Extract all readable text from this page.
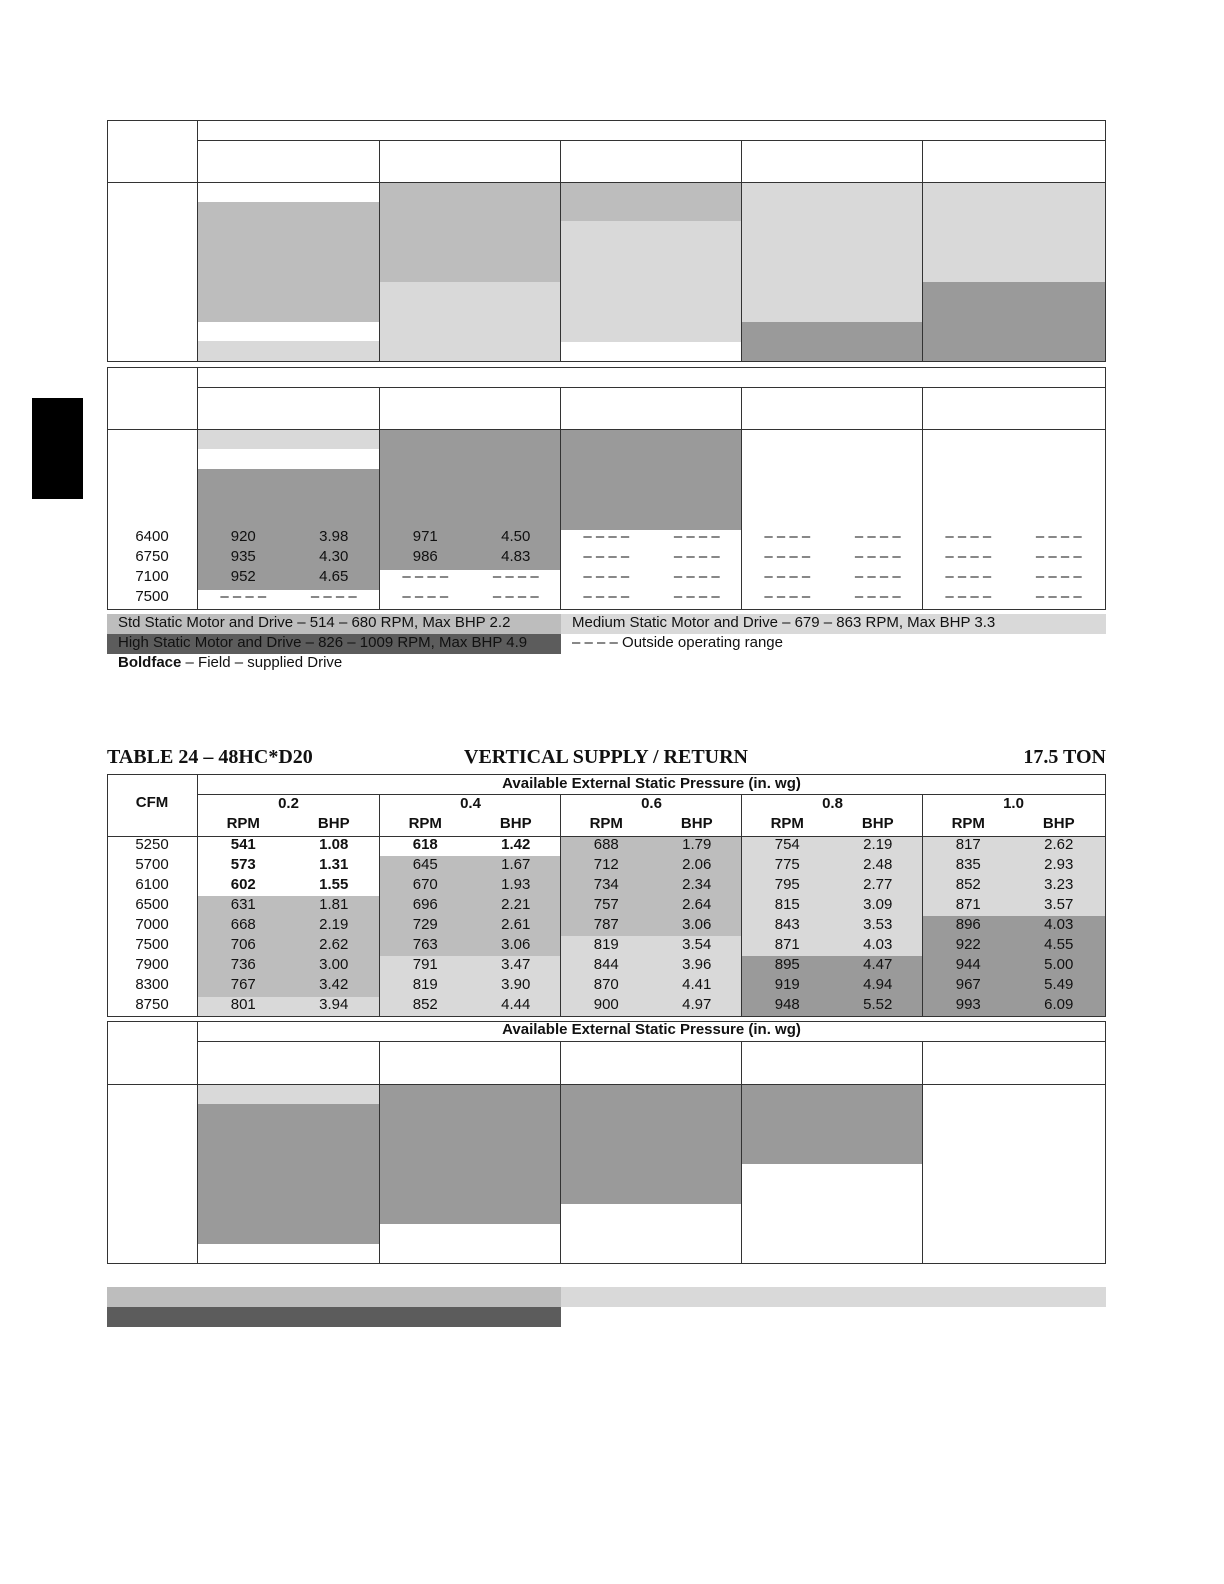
6400	920	3.98	971	4.50	– – – –	– – – –	– – – –	– – – –	– – – –	– – – –
6750	935	4.30	986	4.83	– – – –	– – – –	– – – –	– – – –	– – – –	– – – –
7100	952	4.65	– – – –	– – – –	– – – –	– – – –	– – – –	– – – –	– – – –	– – – –
7500	– – – –	– – – –	– – – –	– – – –	– – – –	– – – –	– – – –	– – – –	– – – –	– – – –
Std Static Motor and Drive – 514 – 680 RPM, Max BHP 2.2	Medium Static Motor and Drive – 679 – 863 RPM, Max BHP 3.3
High Static Motor and Drive – 826 – 1009 RPM, Max BHP 4.9	– – – – Outside operating range
Boldface – Field – supplied Drive
TABLE 24 – 48HC*D20	VERTICAL SUPPLY / RETURN	17.5 TON
Available External Static Pressure (in. wg)
CFM	0.2	0.4	0.6	0.8	1.0
RPM	BHP	RPM	BHP	RPM	BHP	RPM	BHP	RPM	BHP
5250	541	1.08	618	1.42	688	1.79	754	2.19	817	2.62
5700	573	1.31	645	1.67	712	2.06	775	2.48	835	2.93
6100	602	1.55	670	1.93	734	2.34	795	2.77	852	3.23
6500	631	1.81	696	2.21	757	2.64	815	3.09	871	3.57
7000	668	2.19	729	2.61	787	3.06	843	3.53	896	4.03
7500	706	2.62	763	3.06	819	3.54	871	4.03	922	4.55
7900	736	3.00	791	3.47	844	3.96	895	4.47	944	5.00
8300	767	3.42	819	3.90	870	4.41	919	4.94	967	5.49
8750	801	3.94	852	4.44	900	4.97	948	5.52	993	6.09
Available External Static Pressure (in. wg)
